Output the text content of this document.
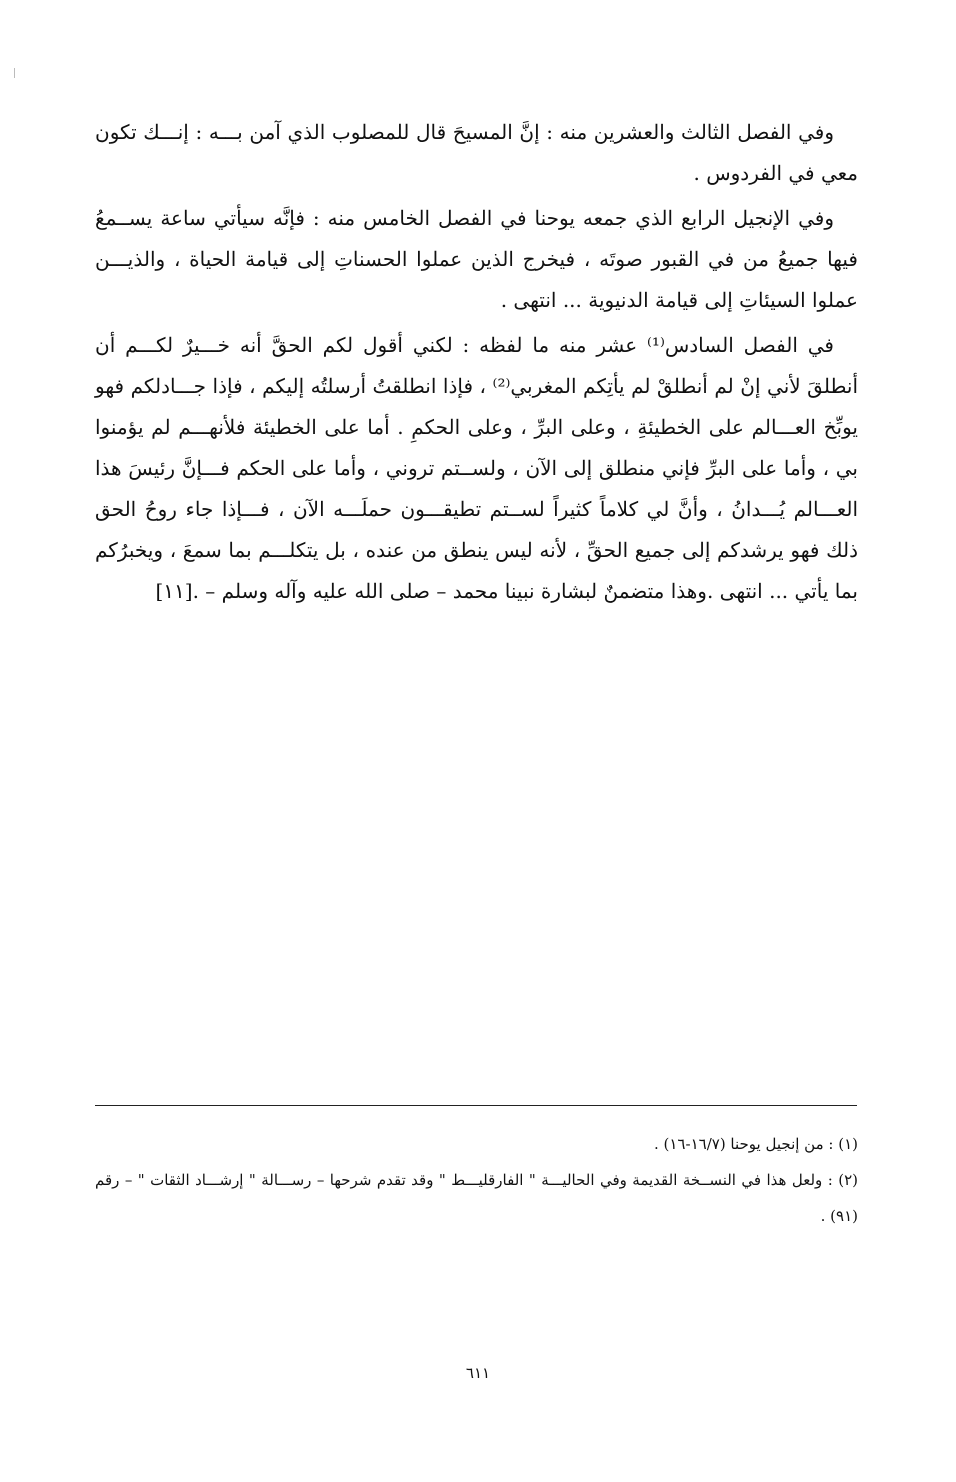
وفي الفصل الثالث والعشرين منه : إنَّ المسيحَ قال للمصلوب الذي آمن بـــه : إنـــك تكون معي في الفردوس .

وفي الإنجيل الرابع الذي جمعه يوحنا في الفصل الخامس منه : فإنَّه سيأتي ساعة يســمعُ فيها جميعُ من في القبور صوتَه ، فيخرج الذين عملوا الحسناتِ إلى قيامة الحياة ، والذيـــن عملوا السيئاتِ إلى قيامة الدنيوية ... انتهى .

في الفصل السادس⁽¹⁾ عشر منه ما لفظه : لكني أقول لكم الحقَّ أنه خـــيرٌ لكـــم أن أنطلقَ لأني إنْ لم أنطلقْ لم يأتِكم المغربي⁽²⁾ ، فإذا انطلقتُ أرسلتُه إليكم ، فإذا جـــادلكم فهو يوبِّخ العـــالم على الخطيئةِ ، وعلى البرِّ ، وعلى الحكمِ . أما على الخطيئة فلأنهـــم لم يؤمنوا بي ، وأما على البرِّ فإني منطلق إلى الآن ، ولســتم تروني ، وأما على الحكم فـــإنَّ رئيسَ هذا العـــالم يُـــدانُ ، وأنَّ لي كلاماً كثيراً لســتم تطيقـــون حملَـــه الآن ، فـــإذا جاء روحُ الحق ذلك فهو يرشدكم إلى جميع الحقِّ ، لأنه ليس ينطق من عنده ، بل يتكلـــم بما سمعَ ، ويخبرُكم بما يأتي ... انتهى .وهذا متضمنٌ لبشارة نبينا محمد – صلى الله عليه وآله وسلم – .[١١]

(١) : من إنجيل يوحنا (١٦/٧-١٦) .

(٢) : ولعل هذا في النســخة القديمة وفي الحاليـــة " الفارقليـــط " وقد تقدم شرحها – رســـالة " إرشـــاد الثقات " – رقم (٩١) .

٦١١
